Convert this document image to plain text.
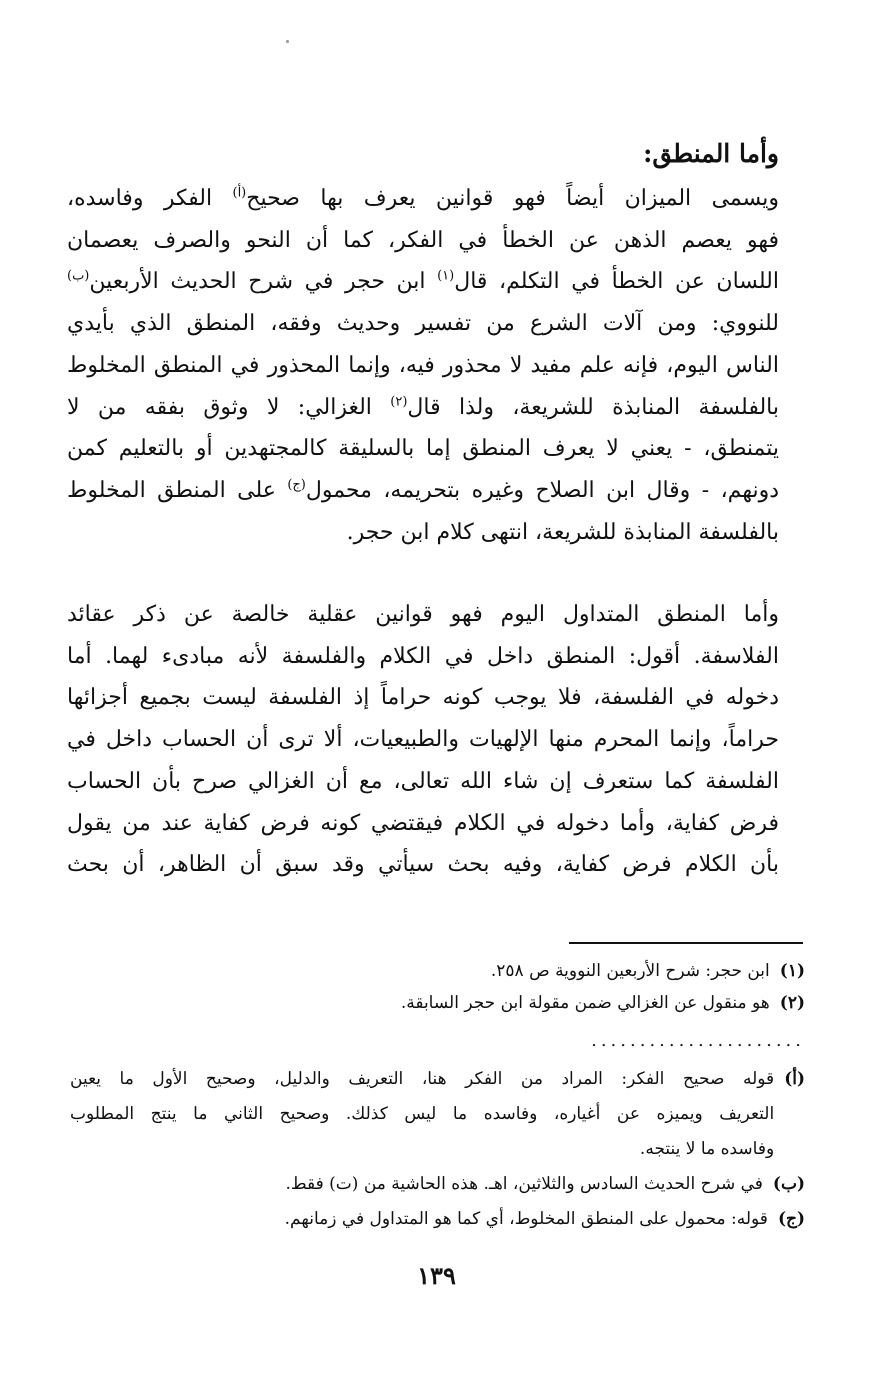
وأما المنطق:
ويسمى الميزان أيضاً فهو قوانين يعرف بها صحيح$^{(أ)}$ الفكر وفاسده،
فهو يعصم الذهن عن الخطأ في الفكر، كما أن النحو والصرف يعصمان
اللسان عن الخطأ في التكلم، قال$^{(١)}$ ابن حجر في شرح الحديث الأربعين$^{(ب)}$
للنووي: ومن آلات الشرع من تفسير وحديث وفقه، المنطق الذي بأيدي
الناس اليوم، فإنه علم مفيد لا محذور فيه، وإنما المحذور في المنطق المخلوط
بالفلسفة المنابذة للشريعة، ولذا قال$^{(٢)}$ الغزالي: لا وثوق بفقه من لا
يتمنطق، - يعني لا يعرف المنطق إما بالسليقة كالمجتهدين أو بالتعليم كمن
دونهم، - وقال ابن الصلاح وغيره بتحريمه، محمول$^{(ج)}$ على المنطق المخلوط
بالفلسفة المنابذة للشريعة، انتهى كلام ابن حجر.
وأما المنطق المتداول اليوم فهو قوانين عقلية خالصة عن ذكر عقائد
الفلاسفة. أقول: المنطق داخل في الكلام والفلسفة لأنه مبادىء لهما. أما
دخوله في الفلسفة، فلا يوجب كونه حراماً إذ الفلسفة ليست بجميع أجزائها
حراماً، وإنما المحرم منها الإلهيات والطبيعيات، ألا ترى أن الحساب داخل في
الفلسفة كما ستعرف إن شاء الله تعالى، مع أن الغزالي صرح بأن الحساب
فرض كفاية، وأما دخوله في الكلام فيقتضي كونه فرض كفاية عند من يقول
بأن الكلام فرض كفاية، وفيه بحث سيأتي وقد سبق أن الظاهر، أن بحث
(١)
ابن حجر: شرح الأربعين النووية ص ٢٥٨.
(٢)
هو منقول عن الغزالي ضمن مقولة ابن حجر السابقة.
......................
(أ)
قوله صحيح الفكر: المراد من الفكر هنا، التعريف والدليل، وصحيح الأول ما يعين
التعريف ويميزه عن أغياره، وفاسده ما ليس كذلك. وصحيح الثاني ما ينتج المطلوب
وفاسده ما لا ينتجه.
(ب)
في شرح الحديث السادس والثلاثين، اهـ. هذه الحاشية من (ت) فقط.
(ج)
قوله: محمول على المنطق المخلوط، أي كما هو المتداول في زمانهم.

١٣٩
